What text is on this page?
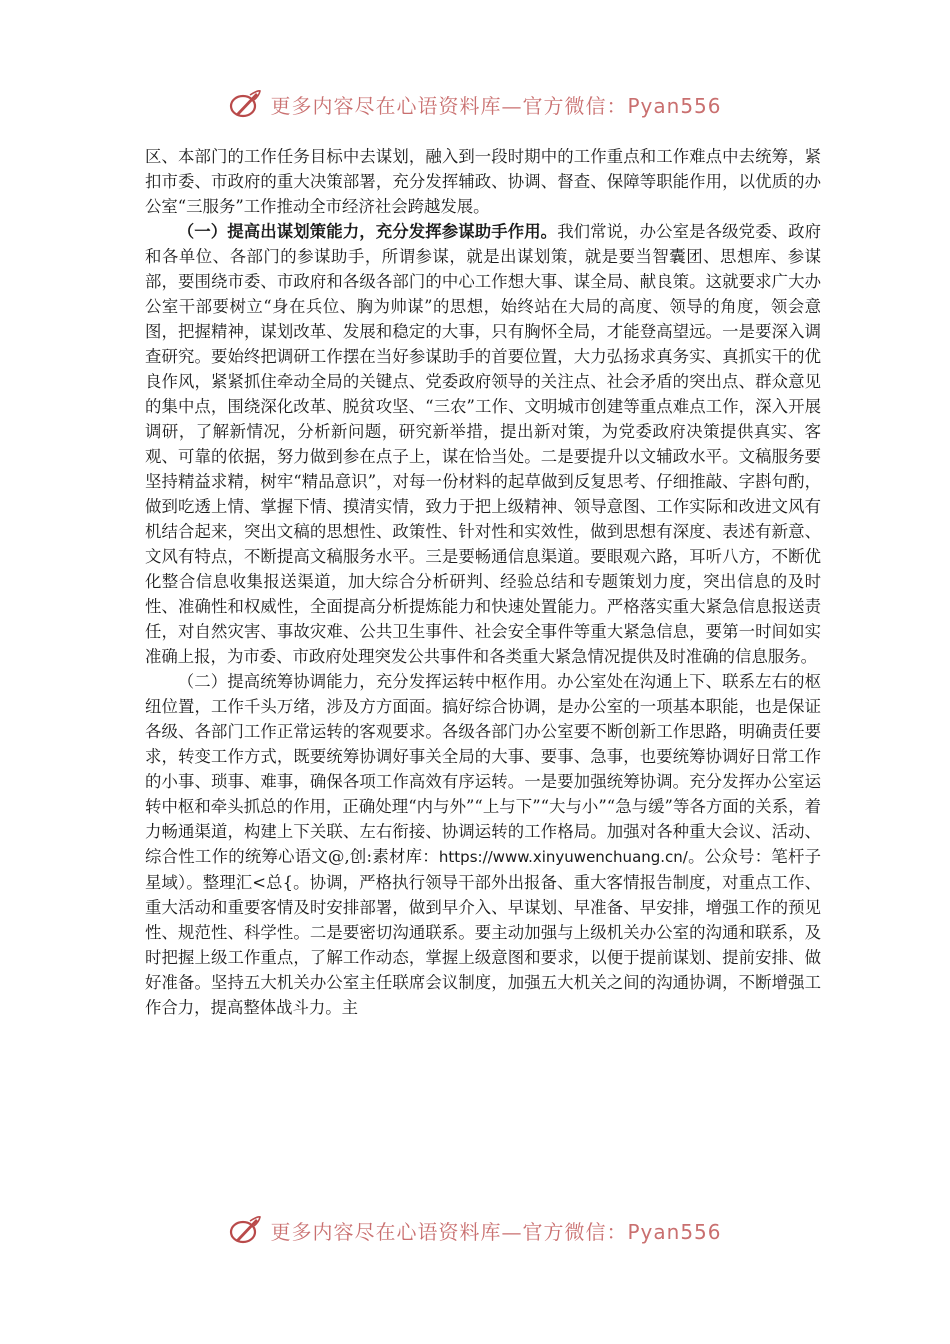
更多内容尽在心语资料库—官方微信：Pyan556

区、本部门的工作任务目标中去谋划，融入到一段时期中的工作重点和工作难点中去统筹，紧扣市委、市政府的重大决策部署，充分发挥辅政、协调、督查、保障等职能作用，以优质的办公室“三服务”工作推动全市经济社会跨越发展。

（一）提高出谋划策能力，充分发挥参谋助手作用。我们常说，办公室是各级党委、政府和各单位、各部门的参谋助手，所谓参谋，就是出谋划策，就是要当智囊团、思想库、参谋部，要围绕市委、市政府和各级各部门的中心工作想大事、谋全局、献良策。这就要求广大办公室干部要树立“身在兵位、胸为帅谋”的思想，始终站在大局的高度、领导的角度，领会意图，把握精神，谋划改革、发展和稳定的大事，只有胸怀全局，才能登高望远。一是要深入调查研究。要始终把调研工作摆在当好参谋助手的首要位置，大力弘扬求真务实、真抓实干的优良作风，紧紧抓住牵动全局的关键点、党委政府领导的关注点、社会矛盾的突出点、群众意见的集中点，围绕深化改革、脱贫攻坚、“三农”工作、文明城市创建等重点难点工作，深入开展调研，了解新情况，分析新问题，研究新举措，提出新对策，为党委政府决策提供真实、客观、可靠的依据，努力做到参在点子上，谋在恰当处。二是要提升以文辅政水平。文稿服务要坚持精益求精，树牢“精品意识”，对每一份材料的起草做到反复思考、仔细推敲、字斟句酌，做到吃透上情、掌握下情、摸清实情，致力于把上级精神、领导意图、工作实际和改进文风有机结合起来，突出文稿的思想性、政策性、针对性和实效性，做到思想有深度、表述有新意、文风有特点，不断提高文稿服务水平。三是要畅通信息渠道。要眼观六路，耳听八方，不断优化整合信息收集报送渠道，加大综合分析研判、经验总结和专题策划力度，突出信息的及时性、准确性和权威性，全面提高分析提炼能力和快速处置能力。严格落实重大紧急信息报送责任，对自然灾害、事故灾难、公共卫生事件、社会安全事件等重大紧急信息，要第一时间如实准确上报，为市委、市政府处理突发公共事件和各类重大紧急情况提供及时准确的信息服务。

（二）提高统筹协调能力，充分发挥运转中枢作用。办公室处在沟通上下、联系左右的枢纽位置，工作千头万绪，涉及方方面面。搞好综合协调，是办公室的一项基本职能，也是保证各级、各部门工作正常运转的客观要求。各级各部门办公室要不断创新工作思路，明确责任要求，转变工作方式，既要统筹协调好事关全局的大事、要事、急事，也要统筹协调好日常工作的小事、琐事、难事，确保各项工作高效有序运转。一是要加强统筹协调。充分发挥办公室运转中枢和牵头抓总的作用，正确处理“内与外”“上与下”“大与小”“急与缓”等各方面的关系，着力畅通渠道，构建上下关联、左右衔接、协调运转的工作格局。加强对各种重大会议、活动、综合性工作的统筹心语文@,创:素材库：https://www.xinyuwenchuang.cn/。公众号：笔杆子星域）。整理汇<总{。协调，严格执行领导干部外出报备、重大客情报告制度，对重点工作、重大活动和重要客情及时安排部署，做到早介入、早谋划、早准备、早安排，增强工作的预见性、规范性、科学性。二是要密切沟通联系。要主动加强与上级机关办公室的沟通和联系，及时把握上级工作重点，了解工作动态，掌握上级意图和要求，以便于提前谋划、提前安排、做好准备。坚持五大机关办公室主任联席会议制度，加强五大机关之间的沟通协调，不断增强工作合力，提高整体战斗力。主

更多内容尽在心语资料库—官方微信：Pyan556
